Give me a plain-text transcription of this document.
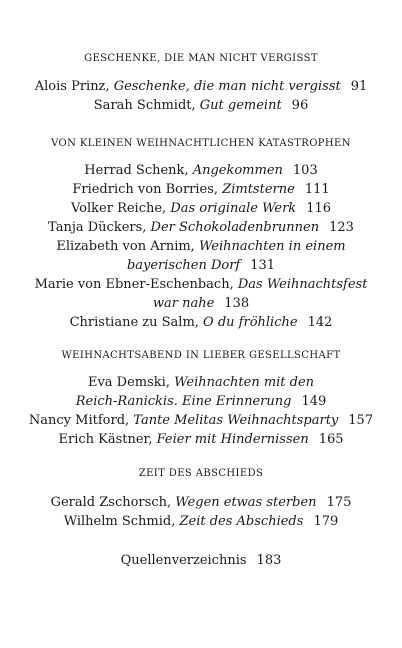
GESCHENKE, DIE MAN NICHT VERGISST
Alois Prinz, Geschenke, die man nicht vergisst 91
Sarah Schmidt, Gut gemeint 96
VON KLEINEN WEIHNACHTLICHEN KATASTROPHEN
Herrad Schenk, Angekommen 103
Friedrich von Borries, Zimtsterne 111
Volker Reiche, Das originale Werk 116
Tanja Dückers, Der Schokoladenbrunnen 123
Elizabeth von Arnim, Weihnachten in einem
bayerischen Dorf 131
Marie von Ebner-Eschenbach, Das Weihnachtsfest
war nahe 138
Christiane zu Salm, O du fröhliche 142
WEIHNACHTSABEND IN LIEBER GESELLSCHAFT
Eva Demski, Weihnachten mit den
Reich-Ranickis. Eine Erinnerung 149
Nancy Mitford, Tante Melitas Weihnachtsparty 157
Erich Kästner, Feier mit Hindernissen 165
ZEIT DES ABSCHIEDS
Gerald Zschorsch, Wegen etwas sterben 175
Wilhelm Schmid, Zeit des Abschieds 179
Quellenverzeichnis 183
